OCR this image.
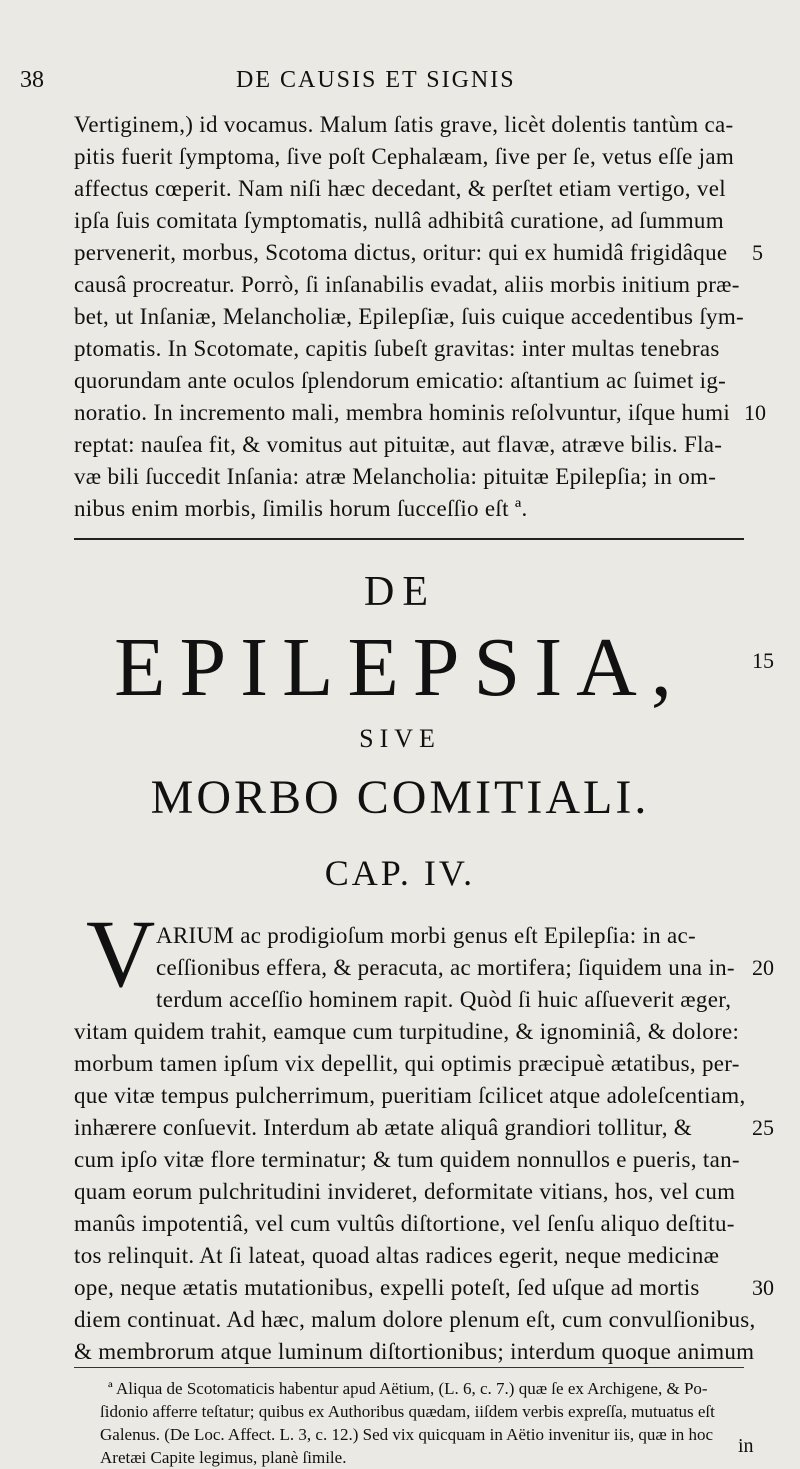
38	DE CAUSIS ET SIGNIS
Vertiginem,) id vocamus. Malum ſatis grave, licèt dolentis tantùm ca-
pitis fuerit ſymptoma, ſive poſt Cephalæam, ſive per ſe, vetus eſſe jam
affectus cœperit. Nam niſi hæc decedant, & perſtet etiam vertigo, vel
ipſa ſuis comitata ſymptomatis, nullâ adhibitâ curatione, ad ſummum
pervenerit, morbus, Scotoma dictus, oritur: qui ex humidâ frigidâque
causâ procreatur. Porrò, ſi inſanabilis evadat, aliis morbis initium præ-
bet, ut Inſaniæ, Melancholiæ, Epilepſiæ, ſuis cuique accedentibus ſym-
ptomatis. In Scotomate, capitis ſubeſt gravitas: inter multas tenebras
quorundam ante oculos ſplendorum emicatio: aſtantium ac ſuimet ig-
noratio. In incremento mali, membra hominis reſolvuntur, iſque humi
reptat: nauſea fit, & vomitus aut pituitæ, aut flavæ, atræve bilis. Fla-
væ bili ſuccedit Inſania: atræ Melancholia: pituitæ Epilepſia; in om-
nibus enim morbis, ſimilis horum ſucceſſio eſt ª.
DE
EPILEPSIA,
SIVE
MORBO COMITIALI.
CAP. IV.
V ARIUM ac prodigioſum morbi genus eſt Epilepſia: in ac-
ceſſionibus effera, & peracuta, ac mortifera; ſiquidem una in-
terdum acceſſio hominem rapit. Quòd ſi huic aſſueverit æger,
vitam quidem trahit, eamque cum turpitudine, & ignominiâ, & dolore:
morbum tamen ipſum vix depellit, qui optimis præcipuè ætatibus, per-
que vitæ tempus pulcherrimum, pueritiam ſcilicet atque adoleſcentiam,
inhærere conſuevit. Interdum ab ætate aliquâ grandiori tollitur, &
cum ipſo vitæ flore terminatur; & tum quidem nonnullos e pueris, tan-
quam eorum pulchritudini invideret, deformitate vitians, hos, vel cum
manûs impotentiâ, vel cum vultûs diſtortione, vel ſenſu aliquo deſtitu-
tos relinquit. At ſi lateat, quoad altas radices egerit, neque medicinæ
ope, neque ætatis mutationibus, expelli poteſt, ſed uſque ad mortis
diem continuat. Ad hæc, malum dolore plenum eſt, cum convulſionibus,
& membrorum atque luminum diſtortionibus; interdum quoque animum
5
10
15
20
25
30
ª Aliqua de Scotomaticis habentur apud Aëtium, (L. 6, c. 7.) quæ ſe ex Archigene, & Po-
ſidonio afferre teſtatur; quibus ex Authoribus quædam, iiſdem verbis expreſſa, mutuatus eſt
Galenus. (De Loc. Affect. L. 3, c. 12.) Sed vix quicquam in Aëtio invenitur iis, quæ in hoc
Aretæi Capite legimus, planè ſimile.
in
